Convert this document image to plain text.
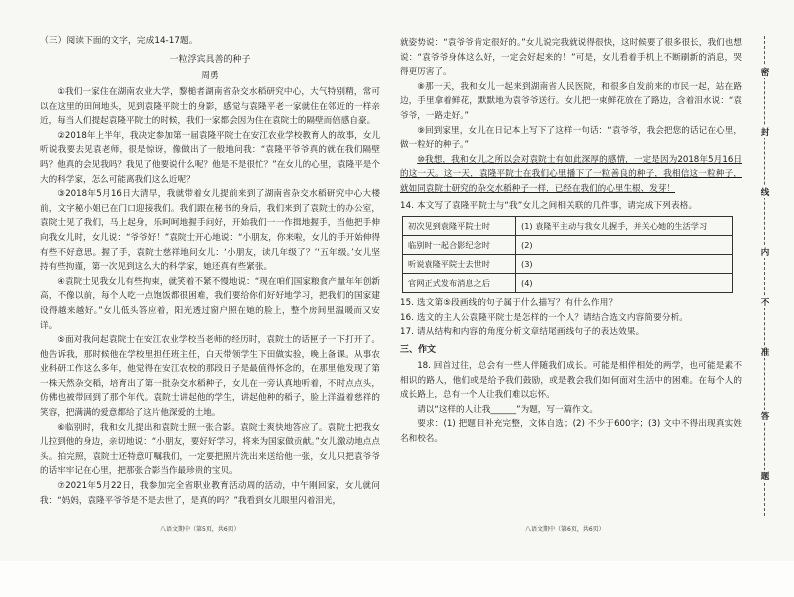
（三）阅读下面的文字，完成14-17题。

一粒浮宾具善的种子

周勇

①我们一家住在湖南农业大学，黎槌者湖南省杂交水稻研究中心，大气特别精，常可以在这里的田间地头，见到袁隆平院士的身影，感觉与袁隆平老一家就住在邻近的一样亲近，每当人们提起袁隆平院士的时候，我们一家都会因为住在袁院士的隔壁而倍感自豪。

②2018年上半年，我决定参加第一届袁隆平院士在安江农业学校教育人的故事，女儿听说我要去见袁老师，很是惊讶，像做出了一般地问我：“袁隆平爷爷真的就在我们隔壁吗？他真的会见我吗？我见了他要说什么呢？他是不是很忙？”在女儿的心里，袁隆平是个大的科学家，怎么可能离我们这么近呢？

③2018年5月16日大清早，我就带着女儿提前来到了湖南省杂交水稻研究中心大楼前，文字秘小姐已在门口迎接我们。我们跟在秘书的身后，我们来到了袁院士的办公室，袁院士见了我们，马上起身，乐呵呵地握手问好，开始我们一一作揖地握手，当他把手伸向我女儿时，女儿说：“爷爷好！”袁院士开心地说：“小朋友，你来啦，女儿的手开始伸得有些不好意思。握了手，袁院士慈祥地问女儿：‘小朋友，读几年级了？’‘五年级。’女儿坚持有些拘谨，第一次见到这么大的科学家，她还真有些紧张。

④袁院士见我女儿有些拘束，就笑着不紧不慢地说：“现在咱们国家粮食产量年年创新高，不像以前，每个人吃一点饱饭都很困难，我们要给你们好好地学习，把我们的国家建设得越来越好。”女儿低头答应着，阳光透过窗户照在她的脸上，整个房间里温暖而又安详。

⑤面对我问起袁院士在安江农业学校当老师的经历时，袁院士的话匣子一下打开了。他告诉我，那时候他在学校里担任班主任，白天带领学生下田做实验，晚上备课。从事农业科研工作这么多年，他觉得在安江农校的那段日子是最值得怀念的，在那里他发现了第一株天然杂交稻，培育出了第一批杂交水稻种子，女儿在一旁认真地听着，不时点点头，仿佛也被带回到了那个年代。袁院士讲起他的学生，讲起他种的稻子，脸上洋溢着慈祥的笑容，把满满的爱意都给了这片他深爱的土地。

⑥临别时，我和女儿提出和袁院士照一张合影。袁院士爽快地答应了。袁院士把我女儿拉到他的身边，亲切地说：“小朋友，要好好学习，将来为国家做贡献。”女儿激动地点点头。拍完照，袁院士还特意叮嘱我们，一定要把照片洗出来送给他一张，女儿只把袁爷爷的话牢牢记在心里，把那张合影当作最珍贵的宝贝。

⑦2021年5月22日，我参加完全省职业教育活动周的活动，中午刚回家，女儿就问我：“妈妈，袁隆平爷爷是不是去世了，是真的吗？”我看到女儿眼里闪着泪光，

八语文期中（第5页，共6页）

就姿势说：“袁爷爷肯定很好的。”女儿说完我就说得很快，这时候要了很多很长，我们也想说：“袁爷爷身体这么好，一定会好起来的！”可是，女儿看着手机上不断刷新的消息，哭得更厉害了。

⑧那一天，我和女儿一起来到湖南省人民医院，和很多自发前来的市民一起，站在路边，手里拿着鲜花，默默地为袁爷爷送行。女儿把一束鲜花放在了路边，含着泪水说：“袁爷爷，一路走好。”

⑨回到家里，女儿在日记本上写下了这样一句话：“袁爷爷，我会把您的话记在心里，做一粒好的种子。”

⑩我想，我和女儿之所以会对袁院士有如此深厚的感情，一定是因为2018年5月16日的这一天。这一天，袁隆平院士在我们心里播下了一粒善良的种子，我相信这一粒种子，就如同袁院士研究的杂交水稻种子一样，已经在我们的心里生根、发芽！

14. 本文写了袁隆平院士与“我”女儿之间相关联的几件事，请完成下列表格。

初次见到袁隆平院士时	(1) 袁隆平主动与我女儿握手，并关心她的生活学习
临别时一起合影纪念时	(2)
听说袁隆平院士去世时	(3)
官网正式发布消息之后	(4)

15. 选文第⑤段画线的句子属于什么描写？有什么作用？

16. 选文的主人公袁隆平院士是怎样的一个人？请结合选文内容简要分析。

17. 请从结构和内容的角度分析文章结尾画线句子的表达效果。

三、作文

18. 回首过往，总会有一些人伴随我们成长。可能是相伴相处的两学，也可能是素不相识的路人，他们或是给予我们鼓励，或是教会我们如何面对生活中的困难。在每个人的成长路上，总有一个人让我们难以忘怀。

请以“这样的人让我______”为题，写一篇作文。

要求：(1) 把题目补充完整，文体自选；(2) 不少于600字；(3) 文中不得出现真实姓名和校名。

八语文期中（第6页，共6页）
密
封
线
内
不
准
答
题
